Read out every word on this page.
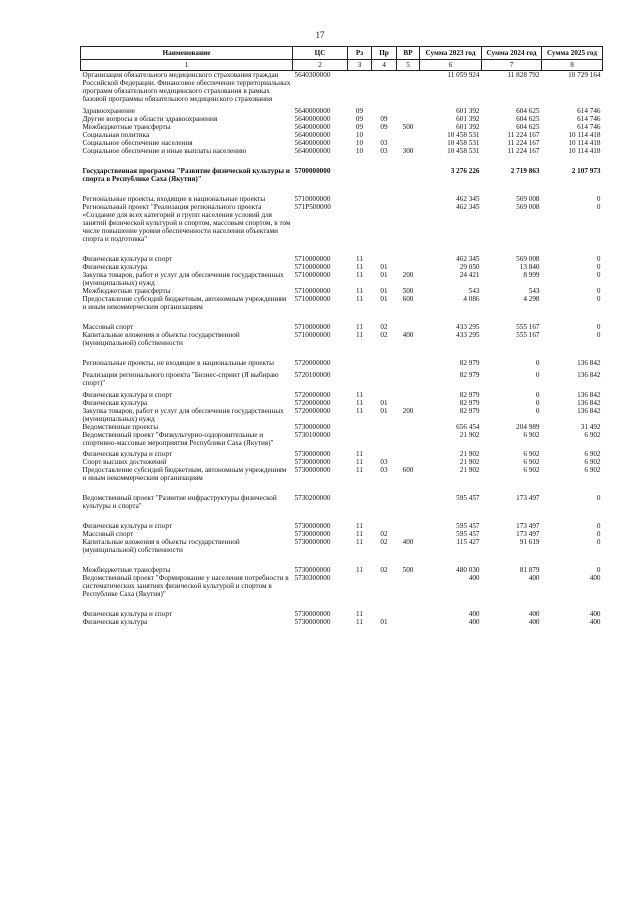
17
Наименование	ЦС	Рз	Пр	ВР	Сумма 2023 год	Сумма 2024 год	Сумма 2025 год
1	2	3	4	5	6	7	8
Организация обязательного медицинского страхования граждан Российской Федерации. Финансовое обеспечение территориальных программ обязательного медицинского страхования в рамках базовой программы обязательного медицинского страхования	5640300000				11 059 924	11 828 792	10 729 164
Здравоохранение	5640000000	09			601 392	604 625	614 746
Другие вопросы в области здравоохранения	5640000000	09	09		601 392	604 625	614 746
Межбюджетные трансферты	5640000000	09	09	500	601 392	604 625	614 746
Социальная политика	5640000000	10			10 458 531	11 224 167	10 114 418
Социальное обеспечение населения	5640000000	10	03		10 458 531	11 224 167	10 114 418
Социальное обеспечение и иные выплаты населению	5640000000	10	03	300	10 458 531	11 224 167	10 114 418
Государственная программа "Развитие физической культуры и спорта в Республике Саха (Якутия)"	5700000000				3 276 226	2 719 863	2 107 973
Региональные проекты, входящие в национальные проекты	5710000000				462 345	569 008	0
Региональный проект "Реализация регионального проекта «Создание для всех категорий и групп населения условий для занятий физической культурой и спортом, массовым спортом, в том числе повышение уровня обеспеченности населения объектами спорта и подготовка"	571P500000				462 345	569 008	0
Физическая культура и спорт	5710000000	11			462 345	569 008	0
Физическая культура	5710000000	11	01		29 050	13 840	0
Закупка товаров, работ и услуг для обеспечения государственных (муниципальных) нужд	5710000000	11	01	200	24 421	8 999	0
Межбюджетные трансферты	5710000000	11	01	500	543	543	0
Предоставление субсидий бюджетным, автономным учреждениям и иным некоммерческим организациям	5710000000	11	01	600	4 086	4 298	0
Массовый спорт	5710000000	11	02		433 295	555 167	0
Капитальные вложения в объекты государственной (муниципальной) собственности	5710000000	11	02	400	433 295	555 167	0
Региональные проекты, не входящие в национальные проекты	5720000000				82 979	0	136 842
Реализация регионального проекта "Бизнес-спринт (Я выбираю спорт)"	5720100000				82 979	0	136 842
Физическая культура и спорт	5720000000	11			82 979	0	136 842
Физическая культура	5720000000	11	01		82 979	0	136 842
Закупка товаров, работ и услуг для обеспечения государственных (муниципальных) нужд	5720000000	11	01	200	82 979	0	136 842
Ведомственные проекты	5730000000				656 454	204 989	31 492
Ведомственный проект "Физкультурно-оздоровительные и спортивно-массовые мероприятия Республики Саха (Якутия)"	5730100000				21 902	6 902	6 902
Физическая культура и спорт	5730000000	11			21 902	6 902	6 902
Спорт высших достижений	5730000000	11	03		21 902	6 902	6 902
Предоставление субсидий бюджетным, автономным учреждениям и иным некоммерческим организациям	5730000000	11	03	600	21 902	6 902	6 902
Ведомственный проект "Развитие инфраструктуры физической культуры и спорта"	5730200000				595 457	173 497	0
Физическая культура и спорт	5730000000	11			595 457	173 497	0
Массовый спорт	5730000000	11	02		595 457	173 497	0
Капитальные вложения в объекты государственной (муниципальной) собственности	5730000000	11	02	400	115 427	91 619	0
Межбюджетные трансферты	5730000000	11	02	500	480 030	81 879	0
Ведомственный проект "Формирование у населения потребности в систематических занятиях физической культурой и спортом в Республике Саха (Якутия)"	5730300000				400	400	400
Физическая культура и спорт	5730000000	11			400	400	400
Физическая культура	5730000000	11	01		400	400	400
